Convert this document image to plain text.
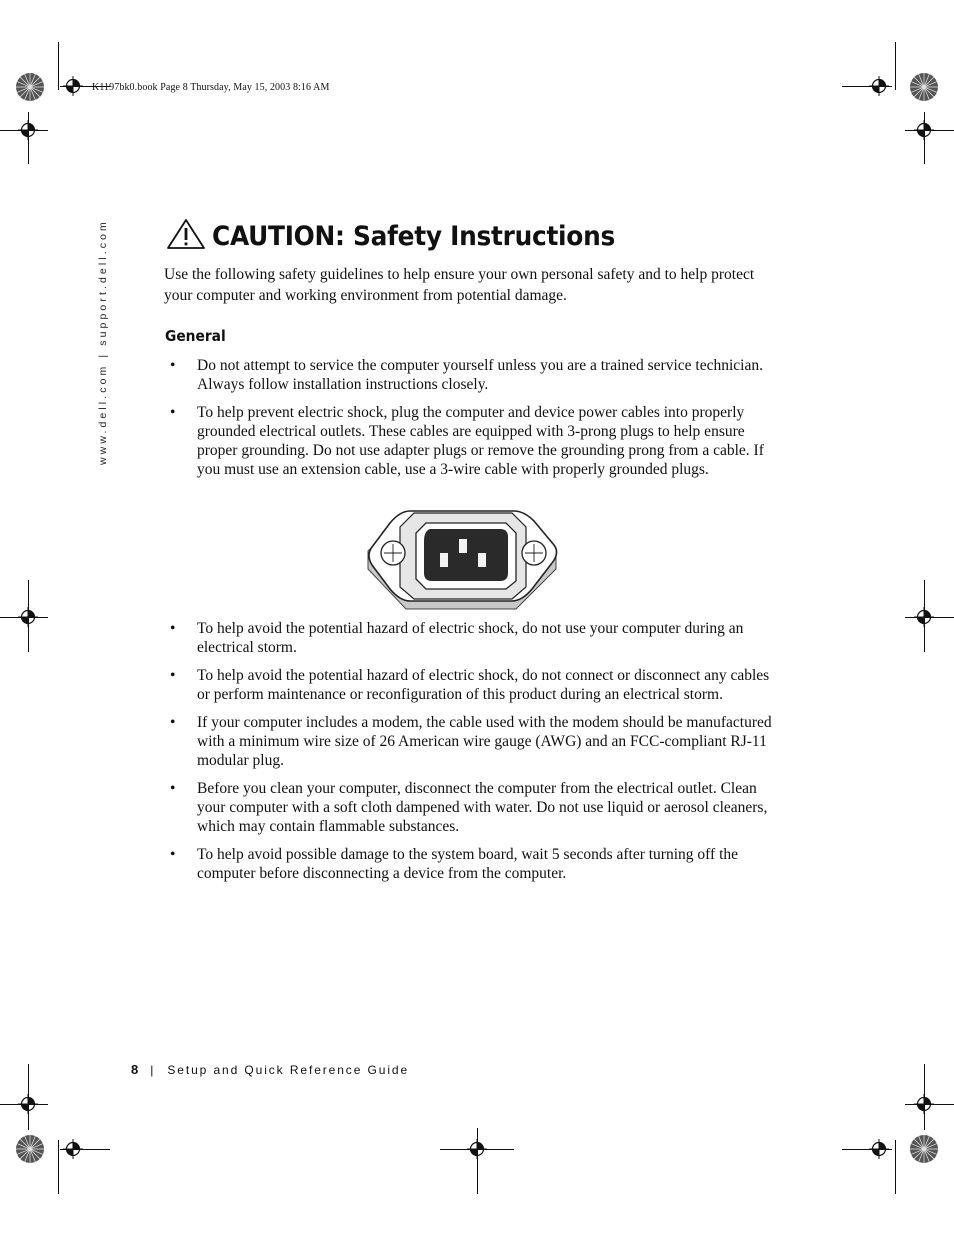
K1197bk0.book Page 8 Thursday, May 15, 2003 8:16 AM
www.dell.com | support.dell.com	CAUTION: Safety Instructions
Use the following safety guidelines to help ensure your own personal safety and to help protect your computer and working environment from potential damage.
General
•	Do not attempt to service the computer yourself unless you are a trained service technician. Always follow installation instructions closely.
•	To help prevent electric shock, plug the computer and device power cables into properly grounded electrical outlets. These cables are equipped with 3-prong plugs to help ensure proper grounding. Do not use adapter plugs or remove the grounding prong from a cable. If you must use an extension cable, use a 3-wire cable with properly grounded plugs.
•	To help avoid the potential hazard of electric shock, do not use your computer during an electrical storm.
•	To help avoid the potential hazard of electric shock, do not connect or disconnect any cables or perform maintenance or reconfiguration of this product during an electrical storm.
•	If your computer includes a modem, the cable used with the modem should be manufactured with a minimum wire size of 26 American wire gauge (AWG) and an FCC-compliant RJ-11 modular plug.
•	Before you clean your computer, disconnect the computer from the electrical outlet. Clean your computer with a soft cloth dampened with water. Do not use liquid or aerosol cleaners, which may contain flammable substances.
•	To help avoid possible damage to the system board, wait 5 seconds after turning off the computer before disconnecting a device from the computer.
8 | Setup and Quick Reference Guide
